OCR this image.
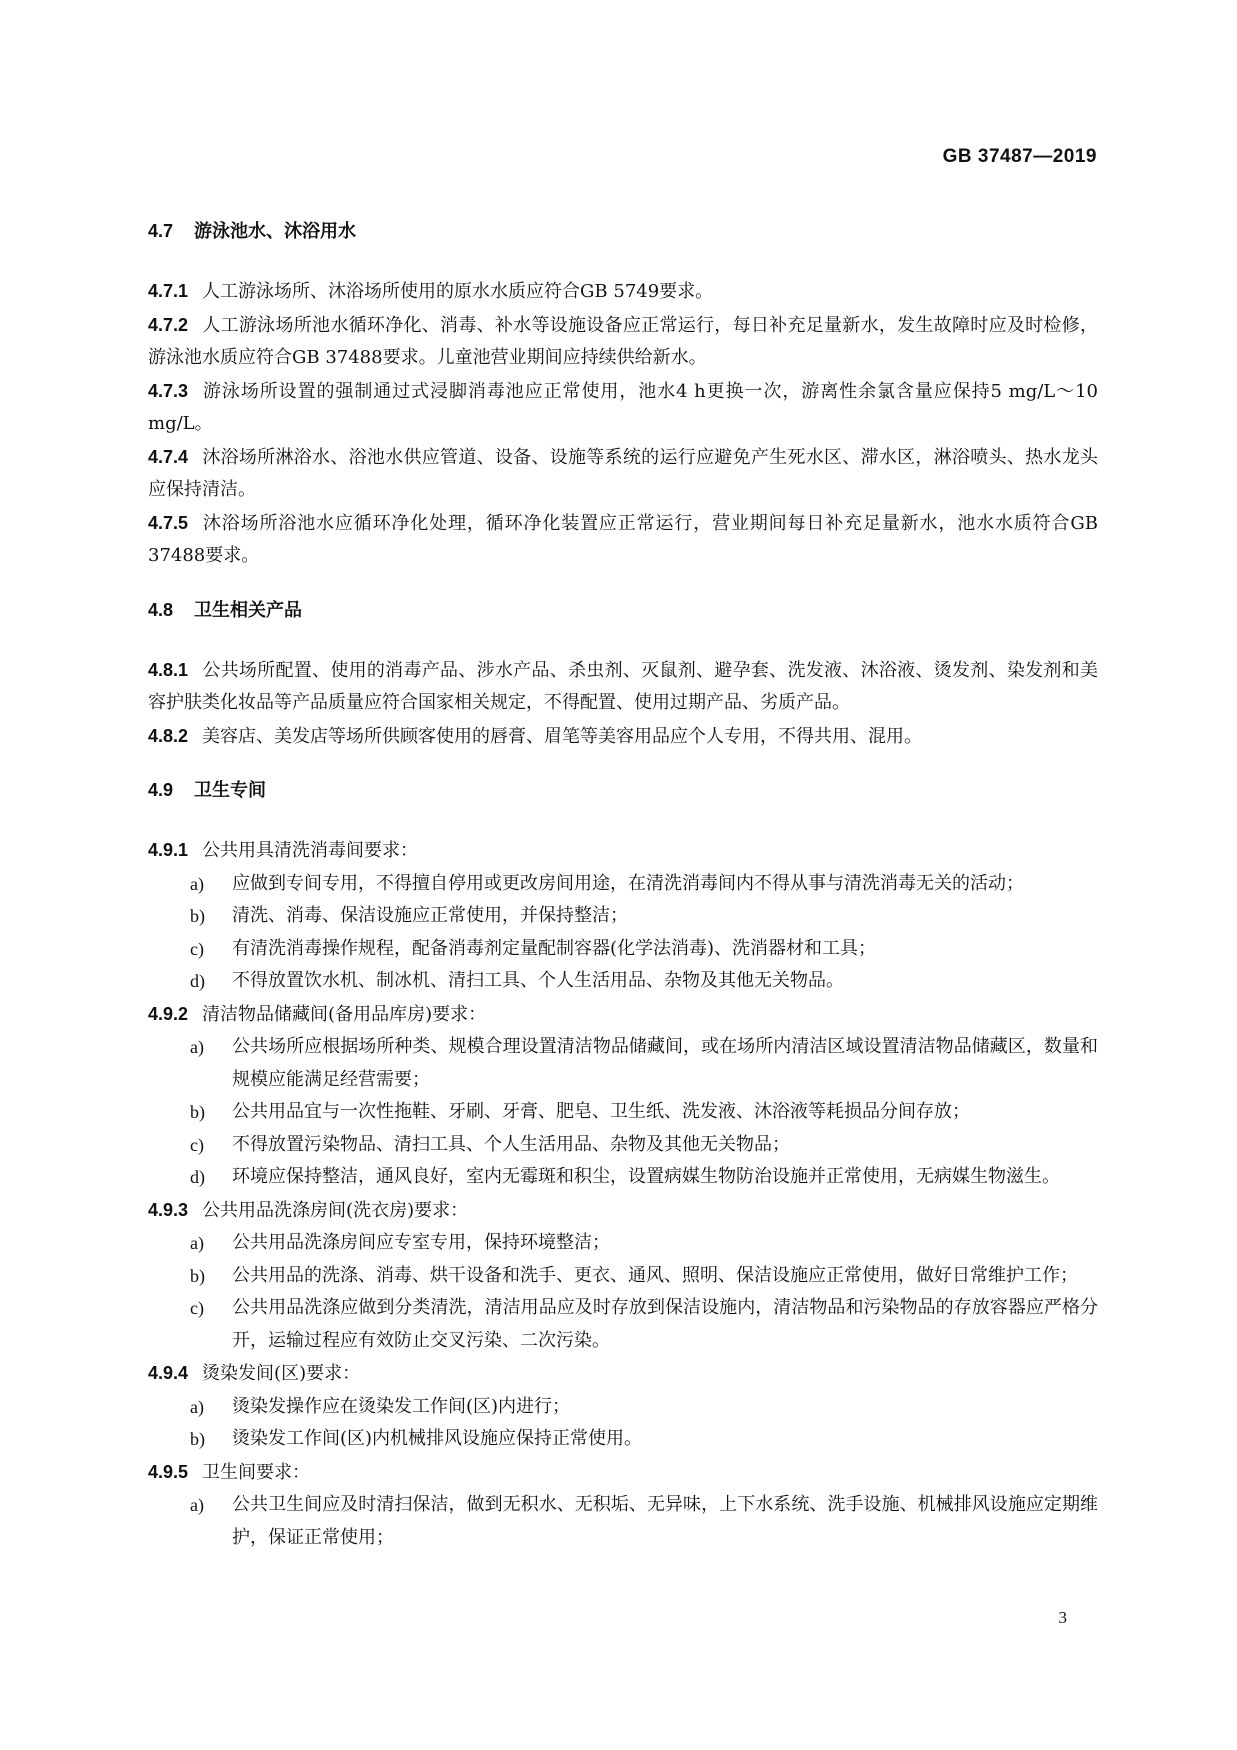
GB 37487—2019
4.7 游泳池水、沐浴用水

4.7.1 人工游泳场所、沐浴场所使用的原水水质应符合GB 5749要求。

4.7.2 人工游泳场所池水循环净化、消毒、补水等设施设备应正常运行，每日补充足量新水，发生故障时应及时检修，游泳池水质应符合GB 37488要求。儿童池营业期间应持续供给新水。

4.7.3 游泳场所设置的强制通过式浸脚消毒池应正常使用，池水4 h更换一次，游离性余氯含量应保持5 mg/L～10 mg/L。

4.7.4 沐浴场所淋浴水、浴池水供应管道、设备、设施等系统的运行应避免产生死水区、滞水区，淋浴喷头、热水龙头应保持清洁。

4.7.5 沐浴场所浴池水应循环净化处理，循环净化装置应正常运行，营业期间每日补充足量新水，池水水质符合GB 37488要求。

4.8 卫生相关产品

4.8.1 公共场所配置、使用的消毒产品、涉水产品、杀虫剂、灭鼠剂、避孕套、洗发液、沐浴液、烫发剂、染发剂和美容护肤类化妆品等产品质量应符合国家相关规定，不得配置、使用过期产品、劣质产品。

4.8.2 美容店、美发店等场所供顾客使用的唇膏、眉笔等美容用品应个人专用，不得共用、混用。

4.9 卫生专间

4.9.1 公共用具清洗消毒间要求：

a) 应做到专间专用，不得擅自停用或更改房间用途，在清洗消毒间内不得从事与清洗消毒无关的活动；
b) 清洗、消毒、保洁设施应正常使用，并保持整洁；
c) 有清洗消毒操作规程，配备消毒剂定量配制容器(化学法消毒)、洗消器材和工具；
d) 不得放置饮水机、制冰机、清扫工具、个人生活用品、杂物及其他无关物品。

4.9.2 清洁物品储藏间(备用品库房)要求：

a) 公共场所应根据场所种类、规模合理设置清洁物品储藏间，或在场所内清洁区域设置清洁物品储藏区，数量和规模应能满足经营需要；
b) 公共用品宜与一次性拖鞋、牙刷、牙膏、肥皂、卫生纸、洗发液、沐浴液等耗损品分间存放；
c) 不得放置污染物品、清扫工具、个人生活用品、杂物及其他无关物品；
d) 环境应保持整洁，通风良好，室内无霉斑和积尘，设置病媒生物防治设施并正常使用，无病媒生物滋生。

4.9.3 公共用品洗涤房间(洗衣房)要求：

a) 公共用品洗涤房间应专室专用，保持环境整洁；
b) 公共用品的洗涤、消毒、烘干设备和洗手、更衣、通风、照明、保洁设施应正常使用，做好日常维护工作；
c) 公共用品洗涤应做到分类清洗，清洁用品应及时存放到保洁设施内，清洁物品和污染物品的存放容器应严格分开，运输过程应有效防止交叉污染、二次污染。

4.9.4 烫染发间(区)要求：

a) 烫染发操作应在烫染发工作间(区)内进行；
b) 烫染发工作间(区)内机械排风设施应保持正常使用。

4.9.5 卫生间要求：

a) 公共卫生间应及时清扫保洁，做到无积水、无积垢、无异味，上下水系统、洗手设施、机械排风设施应定期维护，保证正常使用；
3
